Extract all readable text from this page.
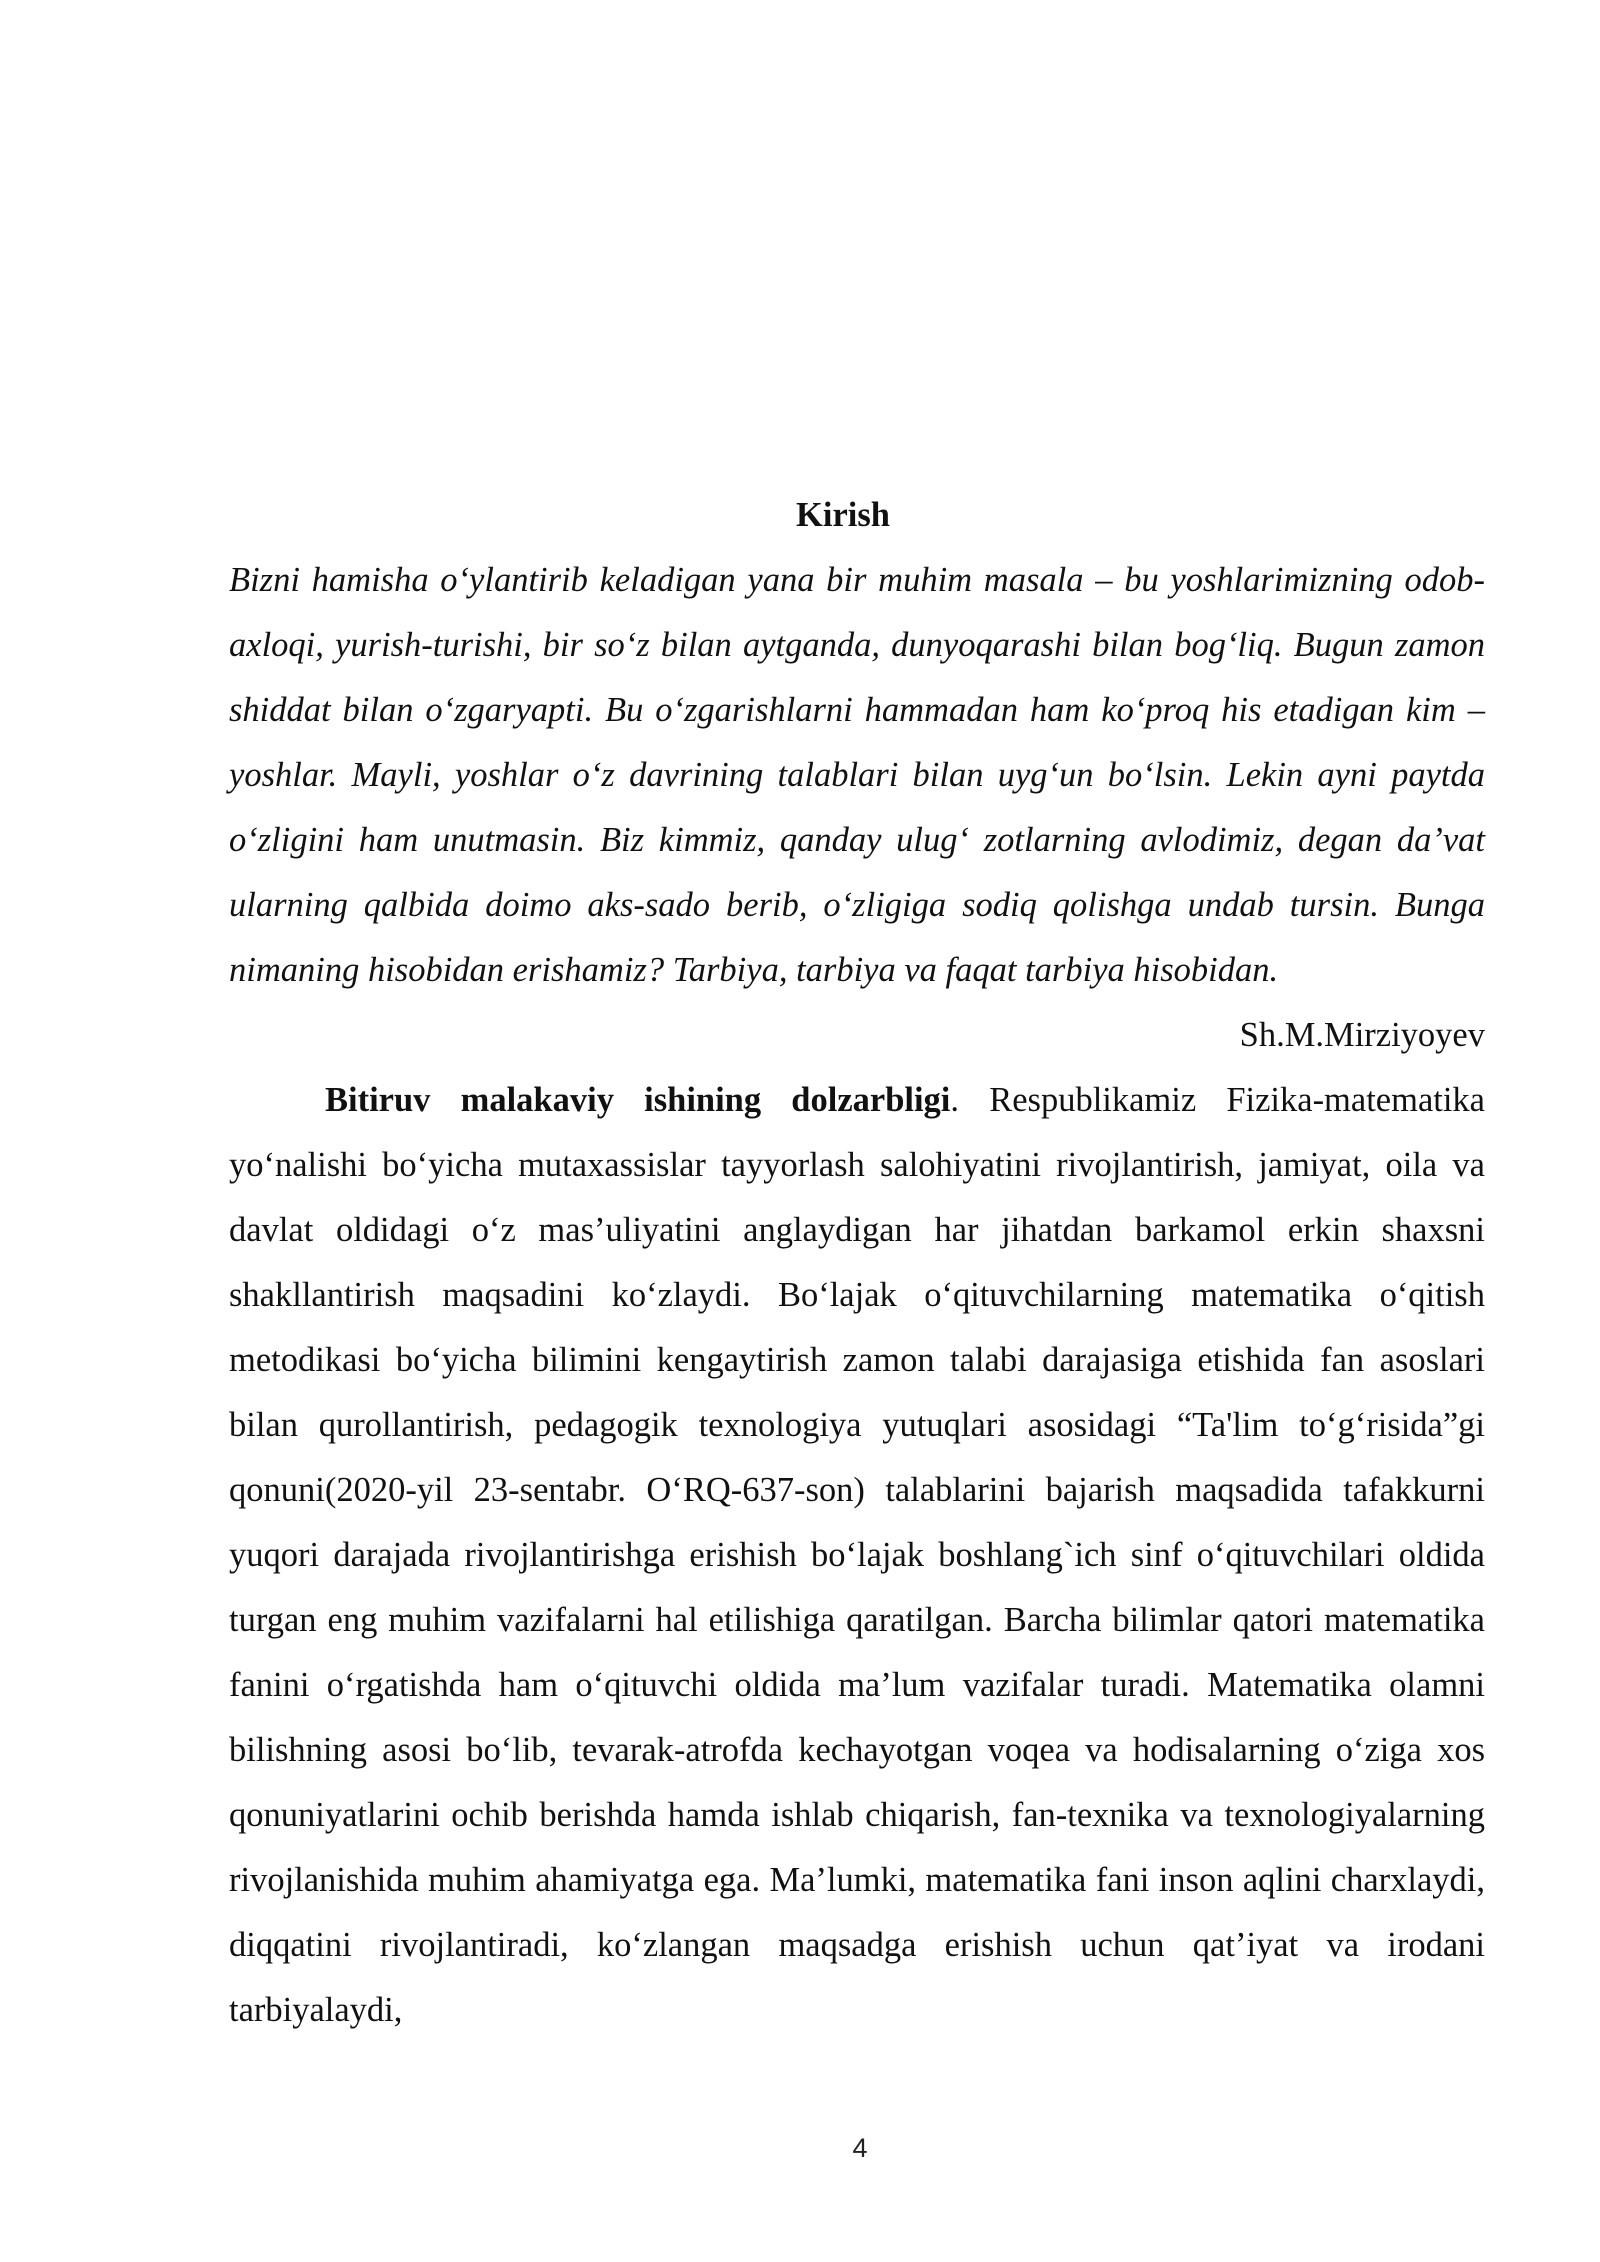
Kirish

Bizni hamisha o‘ylantirib keladigan yana bir muhim masala – bu yoshlarimizning odob-axloqi, yurish-turishi, bir so‘z bilan aytganda, dunyoqarashi bilan bog‘liq. Bugun zamon shiddat bilan o‘zgaryapti. Bu o‘zgarishlarni hammadan ham ko‘proq his etadigan kim – yoshlar. Mayli, yoshlar o‘z davrining talablari bilan uyg‘un bo‘lsin. Lekin ayni paytda o‘zligini ham unutmasin. Biz kimmiz, qanday ulug‘ zotlarning avlodimiz, degan da’vat ularning qalbida doimo aks-sado berib, o‘zligiga sodiq qolishga undab tursin. Bunga nimaning hisobidan erishamiz? Tarbiya, tarbiya va faqat tarbiya hisobidan.

Sh.M.Mirziyoyev

Bitiruv malakaviy ishining dolzarbligi. Respublikamiz Fizika-matematika yo‘nalishi bo‘yicha mutaxassislar tayyorlash salohiyatini rivojlantirish, jamiyat, oila va davlat oldidagi o‘z mas’uliyatini anglaydigan har jihatdan barkamol erkin shaxsni shakllantirish maqsadini ko‘zlaydi. Bo‘lajak o‘qituvchilarning matematika o‘qitish metodikasi bo‘yicha bilimini kengaytirish zamon talabi darajasiga etishida fan asoslari bilan qurollantirish, pedagogik texnologiya yutuqlari asosidagi “Ta'lim to‘g‘risida”gi qonuni(2020-yil 23-sentabr. O‘RQ-637-son) talablarini bajarish maqsadida tafakkurni yuqori darajada rivojlantirishga erishish bo‘lajak boshlang`ich sinf o‘qituvchilari oldida turgan eng muhim vazifalarni hal etilishiga qaratilgan. Barcha bilimlar qatori matematika fanini o‘rgatishda ham o‘qituvchi oldida ma’lum vazifalar turadi. Matematika olamni bilishning asosi bo‘lib, tevarak-atrofda kechayotgan voqea va hodisalarning o‘ziga xos qonuniyatlarini ochib berishda hamda ishlab chiqarish, fan-texnika va texnologiyalarning rivojlanishida muhim ahamiyatga ega. Ma’lumki, matematika fani inson aqlini charxlaydi, diqqatini rivojlantiradi, ko‘zlangan maqsadga erishish uchun qat’iyat va irodani tarbiyalaydi,

4
